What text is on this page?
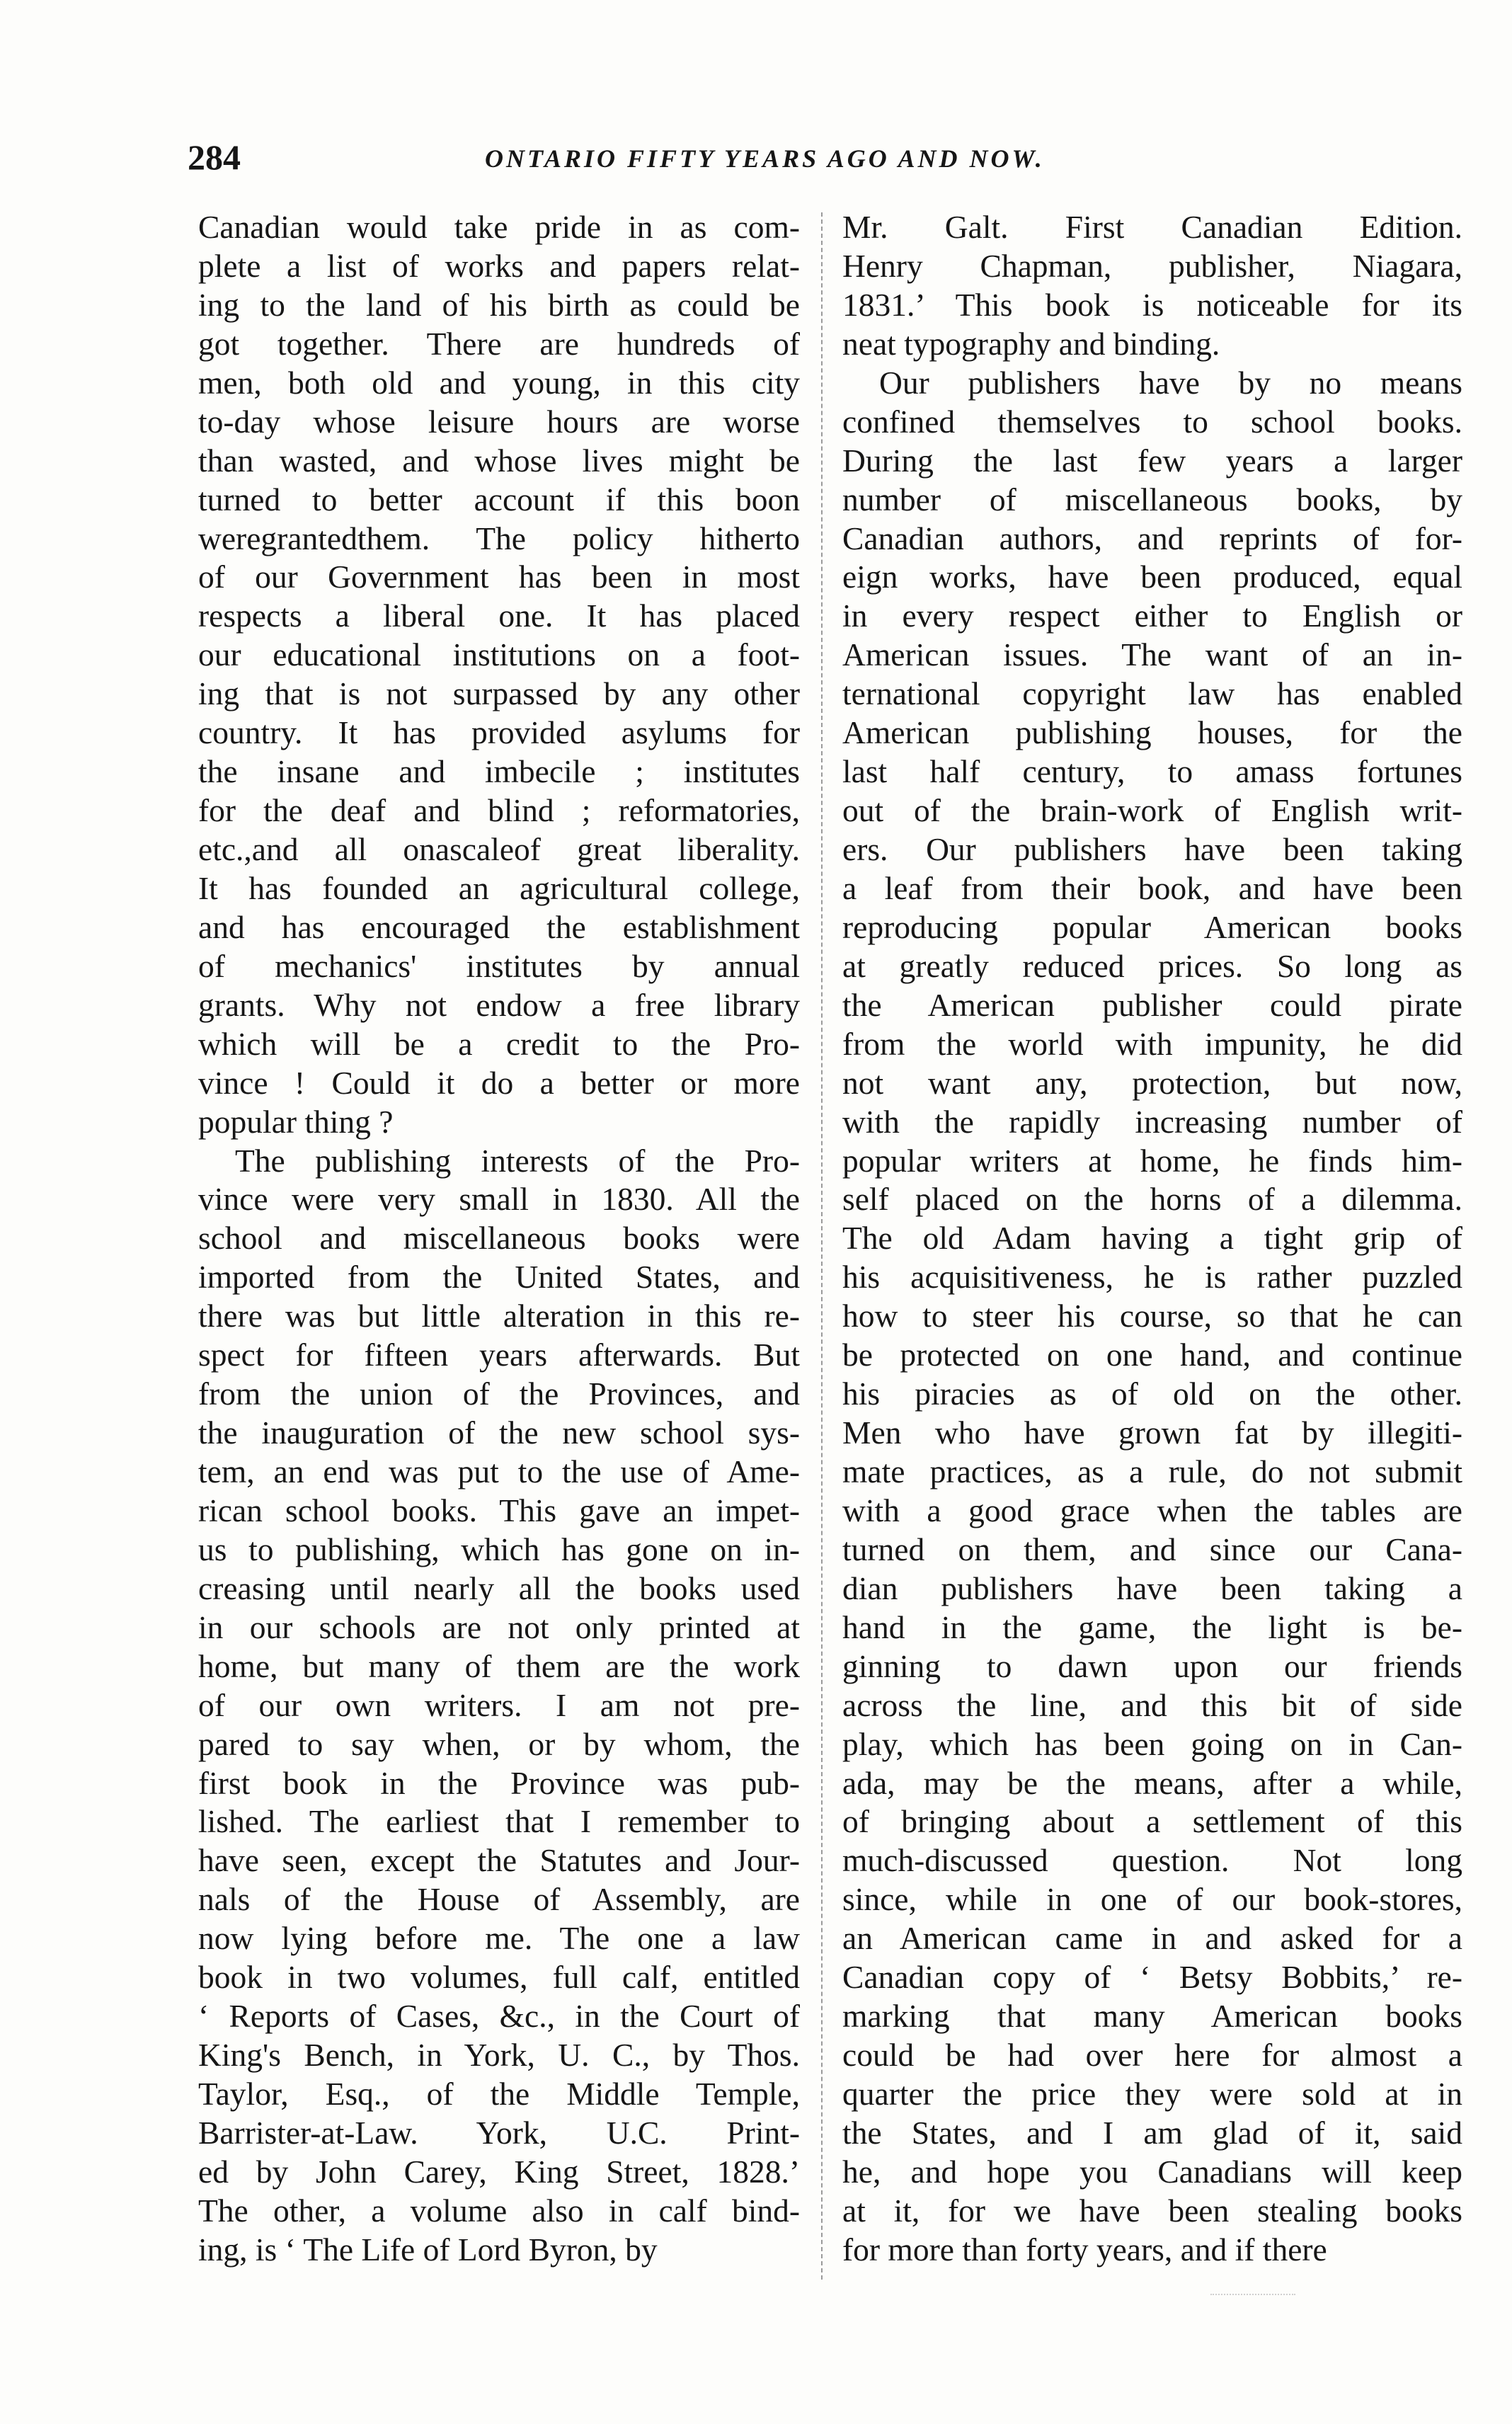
284	ONTARIO FIFTY YEARS AGO AND NOW.
Canadian would take pride in as com-
plete a list of works and papers relat-
ing to the land of his birth as could be
got together. There are hundreds of
men, both old and young, in this city
to-day whose leisure hours are worse
than wasted, and whose lives might be
turned to better account if this boon
weregrantedthem. The policy hitherto
of our Government has been in most
respects a liberal one. It has placed
our educational institutions on a foot-
ing that is not surpassed by any other
country. It has provided asylums for
the insane and imbecile ; institutes
for the deaf and blind ; reformatories,
etc.,and all onascaleof great liberality.
It has founded an agricultural college,
and has encouraged the establishment
of mechanics' institutes by annual
grants. Why not endow a free library
which will be a credit to the Pro-
vince ! Could it do a better or more
popular thing ?
The publishing interests of the Pro-
vince were very small in 1830. All the
school and miscellaneous books were
imported from the United States, and
there was but little alteration in this re-
spect for fifteen years afterwards. But
from the union of the Provinces, and
the inauguration of the new school sys-
tem, an end was put to the use of Ame-
rican school books. This gave an impet-
us to publishing, which has gone on in-
creasing until nearly all the books used
in our schools are not only printed at
home, but many of them are the work
of our own writers. I am not pre-
pared to say when, or by whom, the
first book in the Province was pub-
lished. The earliest that I remember to
have seen, except the Statutes and Jour-
nals of the House of Assembly, are
now lying before me. The one a law
book in two volumes, full calf, entitled
‘ Reports of Cases, &c., in the Court of
King's Bench, in York, U. C., by Thos.
Taylor, Esq., of the Middle Temple,
Barrister-at-Law. York, U.C. Print-
ed by John Carey, King Street, 1828.’
The other, a volume also in calf bind-
ing, is ‘ The Life of Lord Byron, by
Mr. Galt. First Canadian Edition.
Henry Chapman, publisher, Niagara,
1831.’ This book is noticeable for its
neat typography and binding.
Our publishers have by no means
confined themselves to school books.
During the last few years a larger
number of miscellaneous books, by
Canadian authors, and reprints of for-
eign works, have been produced, equal
in every respect either to English or
American issues. The want of an in-
ternational copyright law has enabled
American publishing houses, for the
last half century, to amass fortunes
out of the brain-work of English writ-
ers. Our publishers have been taking
a leaf from their book, and have been
reproducing popular American books
at greatly reduced prices. So long as
the American publisher could pirate
from the world with impunity, he did
not want any, protection, but now,
with the rapidly increasing number of
popular writers at home, he finds him-
self placed on the horns of a dilemma.
The old Adam having a tight grip of
his acquisitiveness, he is rather puzzled
how to steer his course, so that he can
be protected on one hand, and continue
his piracies as of old on the other.
Men who have grown fat by illegiti-
mate practices, as a rule, do not submit
with a good grace when the tables are
turned on them, and since our Cana-
dian publishers have been taking a
hand in the game, the light is be-
ginning to dawn upon our friends
across the line, and this bit of side
play, which has been going on in Can-
ada, may be the means, after a while,
of bringing about a settlement of this
much-discussed question. Not long
since, while in one of our book-stores,
an American came in and asked for a
Canadian copy of ‘ Betsy Bobbits,’ re-
marking that many American books
could be had over here for almost a
quarter the price they were sold at in
the States, and I am glad of it, said
he, and hope you Canadians will keep
at it, for we have been stealing books
for more than forty years, and if there
